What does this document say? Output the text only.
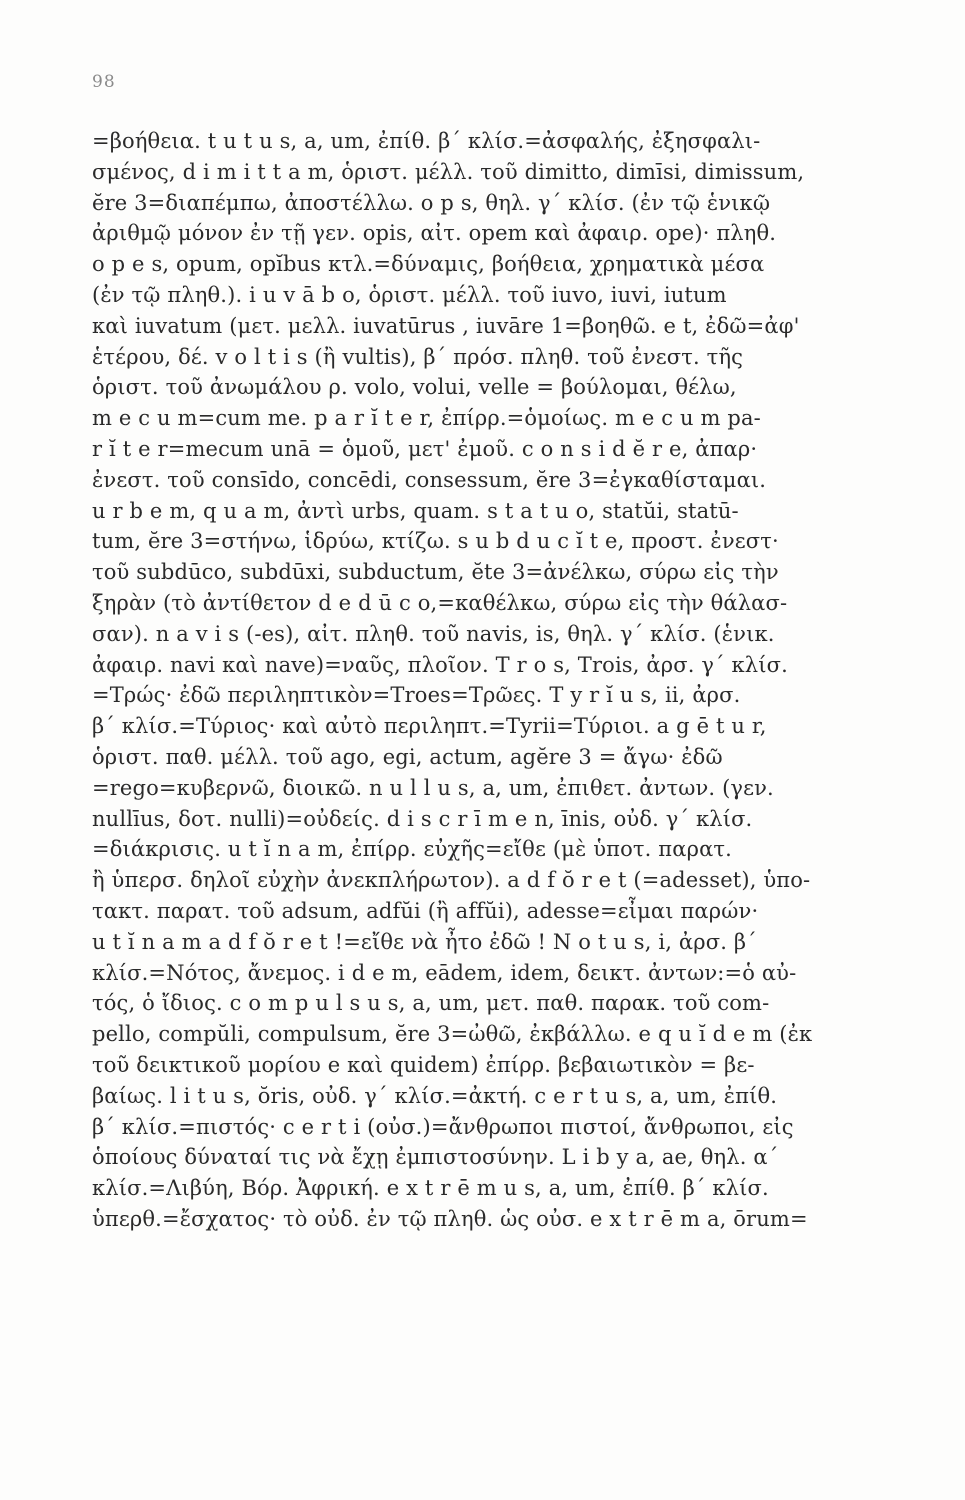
98
=βοήθεια. t u t u s, a, um, ἐπίθ. β΄ κλίσ.=ἀσφαλής, ἐξησφαλι-
σμένος, d i m i t t a m, ὁριστ. μέλλ. τοῦ dimitto, dimīsi, dimissum,
ĕre 3=διαπέμπω, ἀποστέλλω. o p s, θηλ. γ΄ κλίσ. (ἐν τῷ ἑνικῷ
ἀριθμῷ μόνον ἐν τῇ γεν. opis, αἰτ. opem καὶ ἀφαιρ. ope)· πληθ.
o p e s, opum, opĭbus κτλ.=δύναμις, βοήθεια, χρηματικὰ μέσα
(ἐν τῷ πληθ.). i u v ā b o, ὁριστ. μέλλ. τοῦ iuvo, iuvi, iutum
καὶ iuvatum (μετ. μελλ. iuvatūrus , iuvāre 1=βοηθῶ. e t, ἐδῶ=ἀφ'
ἑτέρου, δέ. v o l t i s (ἢ vultis), β΄ πρόσ. πληθ. τοῦ ἐνεστ. τῆς
ὁριστ. τοῦ ἀνωμάλου ρ. volo, volui, velle = βούλομαι, θέλω,
m e c u m=cum me. p a r ĭ t e r, ἐπίρρ.=ὁμοίως. m e c u m pa-
r ĭ t e r=mecum unā = ὁμοῦ, μετ' ἐμοῦ. c o n s i d ĕ r e, ἀπαρ·
ἐνεστ. τοῦ consīdo, concēdi, consessum, ĕre 3=ἐγκαθίσταμαι.
u r b e m, q u a m, ἀντὶ urbs, quam. s t a t u o, statŭi, statū-
tum, ĕre 3=στήνω, ἱδρύω, κτίζω. s u b d u c ĭ t e, προστ. ἐνεστ·
τοῦ subdūco, subdūxi, subductum, ĕte 3=ἀνέλκω, σύρω εἰς τὴν
ξηρὰν (τὸ ἀντίθετον d e d ū c o,=καθέλκω, σύρω εἰς τὴν θάλασ-
σαν). n a v i s (-es), αἰτ. πληθ. τοῦ navis, is, θηλ. γ΄ κλίσ. (ἑνικ.
ἀφαιρ. navi καὶ nave)=ναῦς, πλοῖον. T r o s, Trois, ἀρσ. γ΄ κλίσ.
=Τρώς· ἐδῶ περιληπτικὸν=Troes=Τρῶες. T y r ĭ u s, ii, ἀρσ.
β΄ κλίσ.=Τύριος· καὶ αὐτὸ περιληπτ.=Tyrii=Τύριοι. a g ē t u r,
ὁριστ. παθ. μέλλ. τοῦ ago, egi, actum, agĕre 3 = ἄγω· ἐδῶ
=rego=κυβερνῶ, διοικῶ. n u l l u s, a, um, ἐπιθετ. ἀντων. (γεν.
nullīus, δοτ. nulli)=οὐδείς. d i s c r ī m e n, īnis, οὐδ. γ΄ κλίσ.
=διάκρισις. u t ĭ n a m, ἐπίρρ. εὐχῆς=εἴθε (μὲ ὑποτ. παρατ.
ἢ ὑπερσ. δηλοῖ εὐχὴν ἀνεκπλήρωτον). a d f ŏ r e t (=adesset), ὑπο-
τακτ. παρατ. τοῦ adsum, adfŭi (ἢ affŭi), adesse=εἶμαι παρών·
u t ĭ n a m a d f ŏ r e t !=εἴθε νὰ ἦτο ἐδῶ ! N o t u s, i, ἀρσ. β΄
κλίσ.=Νότος, ἄνεμος. i d e m, eādem, idem, δεικτ. ἀντων:=ὁ αὐ-
τός, ὁ ἴδιος. c o m p u l s u s, a, um, μετ. παθ. παρακ. τοῦ com-
pello, compŭli, compulsum, ĕre 3=ὠθῶ, ἐκβάλλω. e q u ĭ d e m (ἐκ
τοῦ δεικτικοῦ μορίου e καὶ quidem) ἐπίρρ. βεβαιωτικὸν = βε-
βαίως. l i t u s, ŏris, οὐδ. γ΄ κλίσ.=ἀκτή. c e r t u s, a, um, ἐπίθ.
β΄ κλίσ.=πιστός· c e r t i (οὐσ.)=ἄνθρωποι πιστοί, ἄνθρωποι, εἰς
ὁποίους δύναταί τις νὰ ἔχῃ ἐμπιστοσύνην. L i b y a, ae, θηλ. α΄
κλίσ.=Λιβύη, Βόρ. Ἀφρική. e x t r ē m u s, a, um, ἐπίθ. β΄ κλίσ.
ὑπερθ.=ἔσχατος· τὸ οὐδ. ἐν τῷ πληθ. ὡς οὐσ. e x t r ē m a, ōrum=
